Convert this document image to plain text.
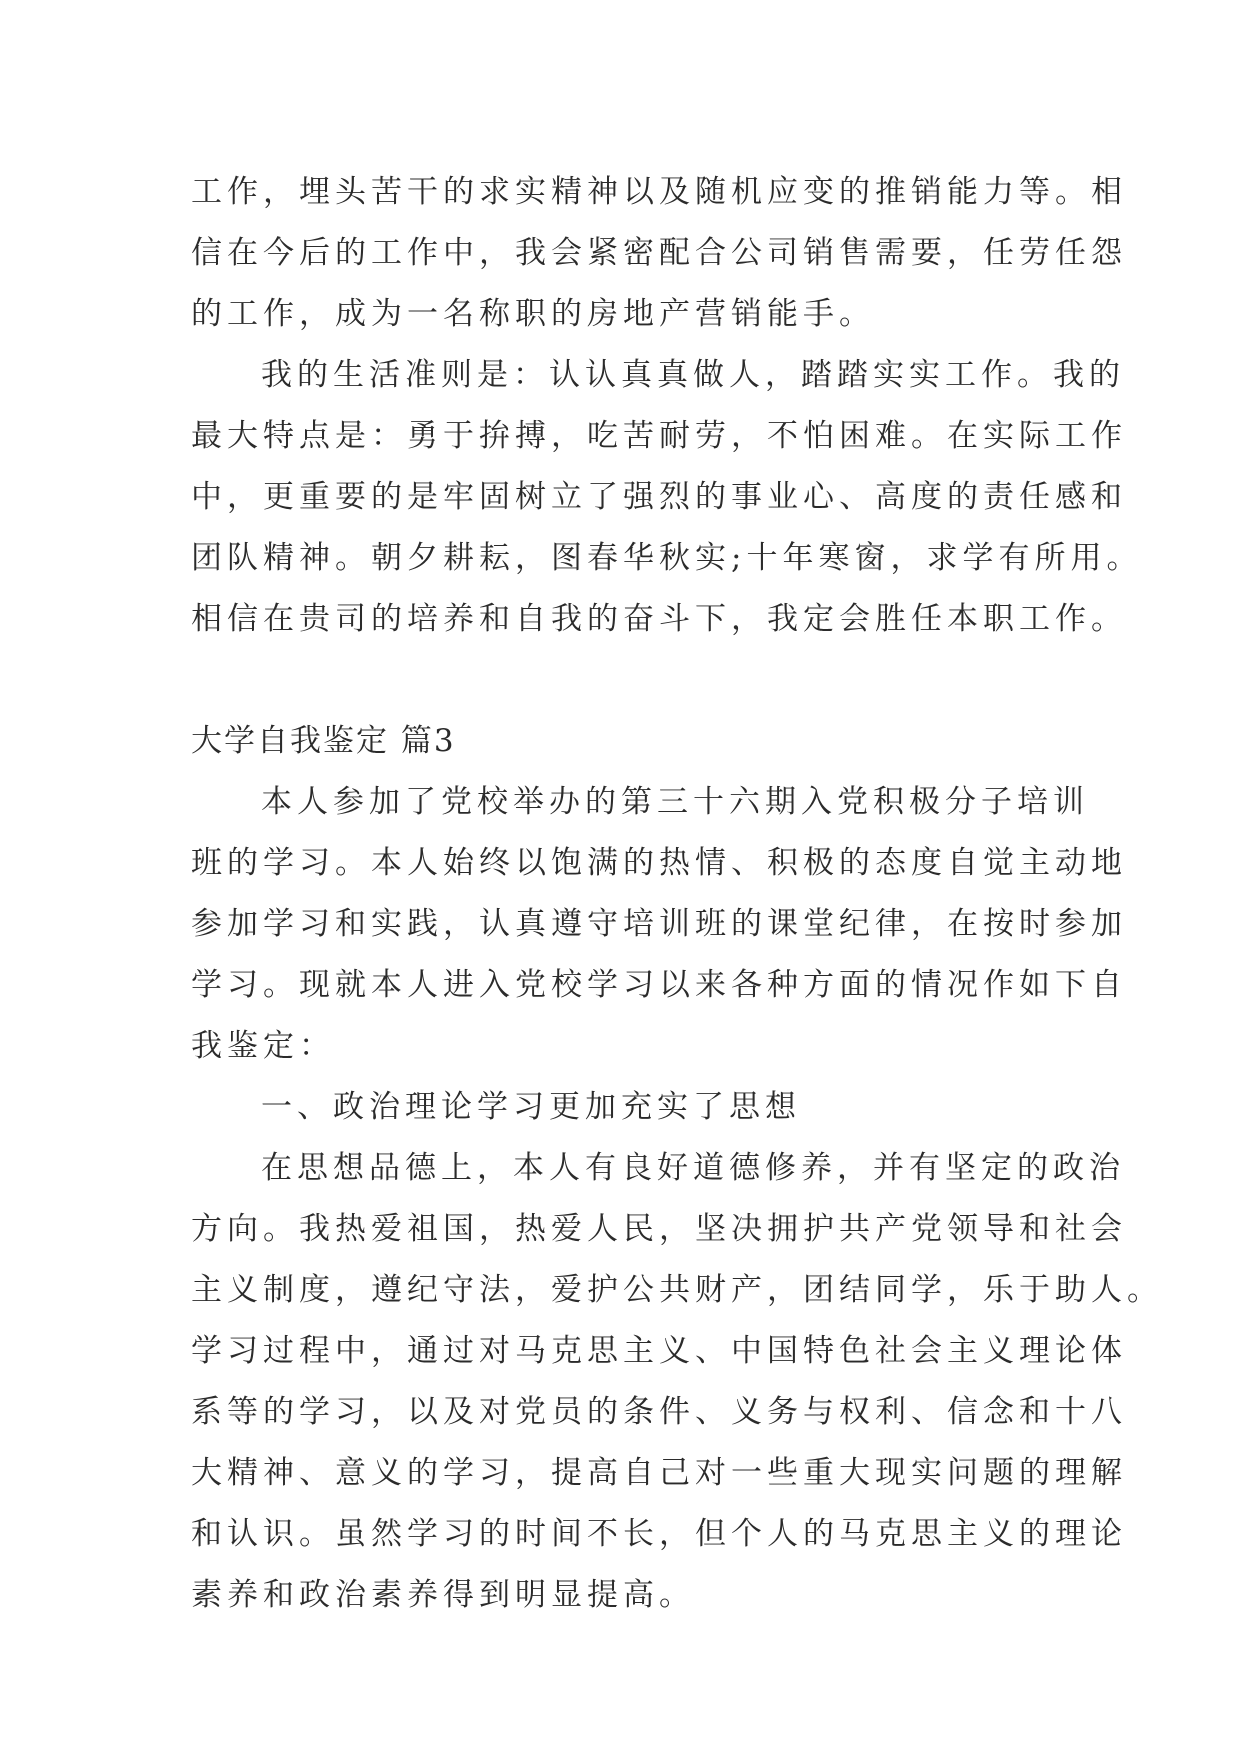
工作，埋头苦干的求实精神以及随机应变的推销能力等。相
信在今后的工作中，我会紧密配合公司销售需要，任劳任怨
的工作，成为一名称职的房地产营销能手。
我的生活准则是：认认真真做人，踏踏实实工作。我的
最大特点是：勇于拚搏，吃苦耐劳，不怕困难。在实际工作
中，更重要的是牢固树立了强烈的事业心、高度的责任感和
团队精神。朝夕耕耘，图春华秋实;十年寒窗，求学有所用。
相信在贵司的培养和自我的奋斗下，我定会胜任本职工作。
大学自我鉴定 篇3
本人参加了党校举办的第三十六期入党积极分子培训
班的学习。本人始终以饱满的热情、积极的态度自觉主动地
参加学习和实践，认真遵守培训班的课堂纪律，在按时参加
学习。现就本人进入党校学习以来各种方面的情况作如下自
我鉴定：
一、政治理论学习更加充实了思想
在思想品德上，本人有良好道德修养，并有坚定的政治
方向。我热爱祖国，热爱人民，坚决拥护共产党领导和社会
主义制度，遵纪守法，爱护公共财产，团结同学，乐于助人。
学习过程中，通过对马克思主义、中国特色社会主义理论体
系等的学习，以及对党员的条件、义务与权利、信念和十八
大精神、意义的学习，提高自己对一些重大现实问题的理解
和认识。虽然学习的时间不长，但个人的马克思主义的理论
素养和政治素养得到明显提高。
